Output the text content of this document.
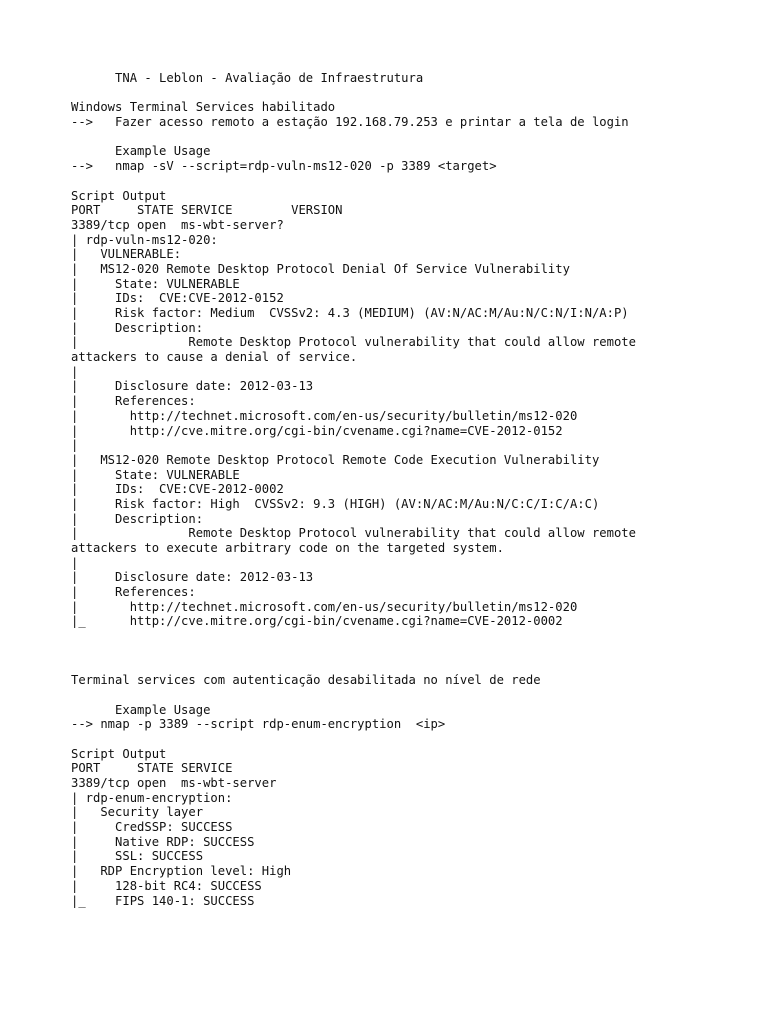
TNA - Leblon - Avaliação de Infraestrutura
Windows Terminal Services habilitado
-->   Fazer acesso remoto a estação 192.168.79.253 e printar a tela de login
Example Usage
-->   nmap -sV --script=rdp-vuln-ms12-020 -p 3389 <target>
Script Output
PORT     STATE SERVICE        VERSION
3389/tcp open  ms-wbt-server?
| rdp-vuln-ms12-020:
|   VULNERABLE:
|   MS12-020 Remote Desktop Protocol Denial Of Service Vulnerability
|     State: VULNERABLE
|     IDs:  CVE:CVE-2012-0152
|     Risk factor: Medium  CVSSv2: 4.3 (MEDIUM) (AV:N/AC:M/Au:N/C:N/I:N/A:P)
|     Description:
|               Remote Desktop Protocol vulnerability that could allow remote
attackers to cause a denial of service.
|
|     Disclosure date: 2012-03-13
|     References:
|       http://technet.microsoft.com/en-us/security/bulletin/ms12-020
|       http://cve.mitre.org/cgi-bin/cvename.cgi?name=CVE-2012-0152
|
|   MS12-020 Remote Desktop Protocol Remote Code Execution Vulnerability
|     State: VULNERABLE
|     IDs:  CVE:CVE-2012-0002
|     Risk factor: High  CVSSv2: 9.3 (HIGH) (AV:N/AC:M/Au:N/C:C/I:C/A:C)
|     Description:
|               Remote Desktop Protocol vulnerability that could allow remote
attackers to execute arbitrary code on the targeted system.
|
|     Disclosure date: 2012-03-13
|     References:
|       http://technet.microsoft.com/en-us/security/bulletin/ms12-020
|_      http://cve.mitre.org/cgi-bin/cvename.cgi?name=CVE-2012-0002
Terminal services com autenticação desabilitada no nível de rede
Example Usage
--> nmap -p 3389 --script rdp-enum-encryption  <ip>
Script Output
PORT     STATE SERVICE
3389/tcp open  ms-wbt-server
| rdp-enum-encryption:
|   Security layer
|     CredSSP: SUCCESS
|     Native RDP: SUCCESS
|     SSL: SUCCESS
|   RDP Encryption level: High
|     128-bit RC4: SUCCESS
|_    FIPS 140-1: SUCCESS
